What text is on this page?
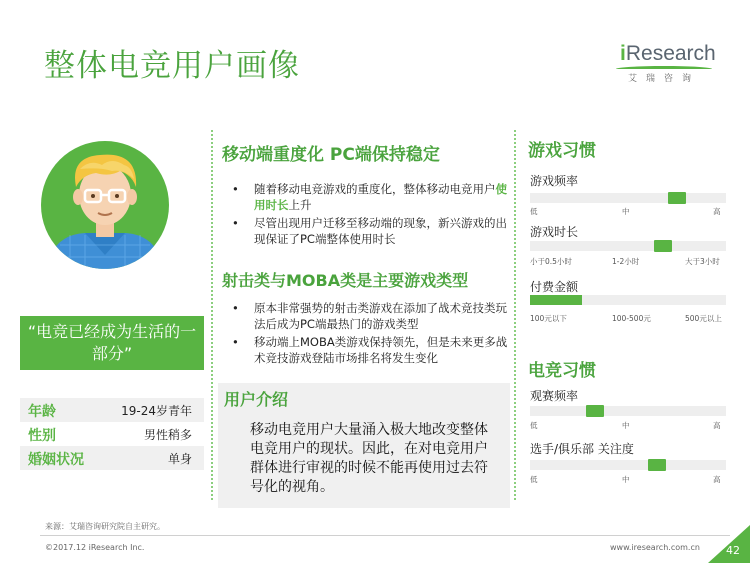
整体电竞用户画像	iResearch
艾瑞咨询
“电竞已经成为生活的一部分”
年龄	19-24岁青年
性别	男性稍多
婚姻状况	单身
移动端重度化 PC端保持稳定
• 随着移动电竞游戏的重度化，整体移动电竞用户使用时长上升
• 尽管出现用户迁移至移动端的现象，新兴游戏的出现保证了PC端整体使用时长
射击类与MOBA类是主要游戏类型
• 原本非常强势的射击类游戏在添加了战术竞技类玩法后成为PC端最热门的游戏类型
• 移动端上MOBA类游戏保持领先，但是未来更多战术竞技游戏登陆市场排名将发生变化
用户介绍
移动电竞用户大量涌入极大地改变整体电竞用户的现状。因此，在对电竞用户群体进行审视的时候不能再使用过去符号化的视角。
游戏习惯
游戏频率
低	中	高
游戏时长
小于0.5小时	1-2小时	大于3小时
付费金额
100元以下	100-500元	500元以上
电竞习惯
观赛频率
低	中	高
选手/俱乐部 关注度
低	中	高
来源：艾瑞咨询研究院自主研究。
©2017.12 iResearch Inc.	www.iresearch.com.cn 42
